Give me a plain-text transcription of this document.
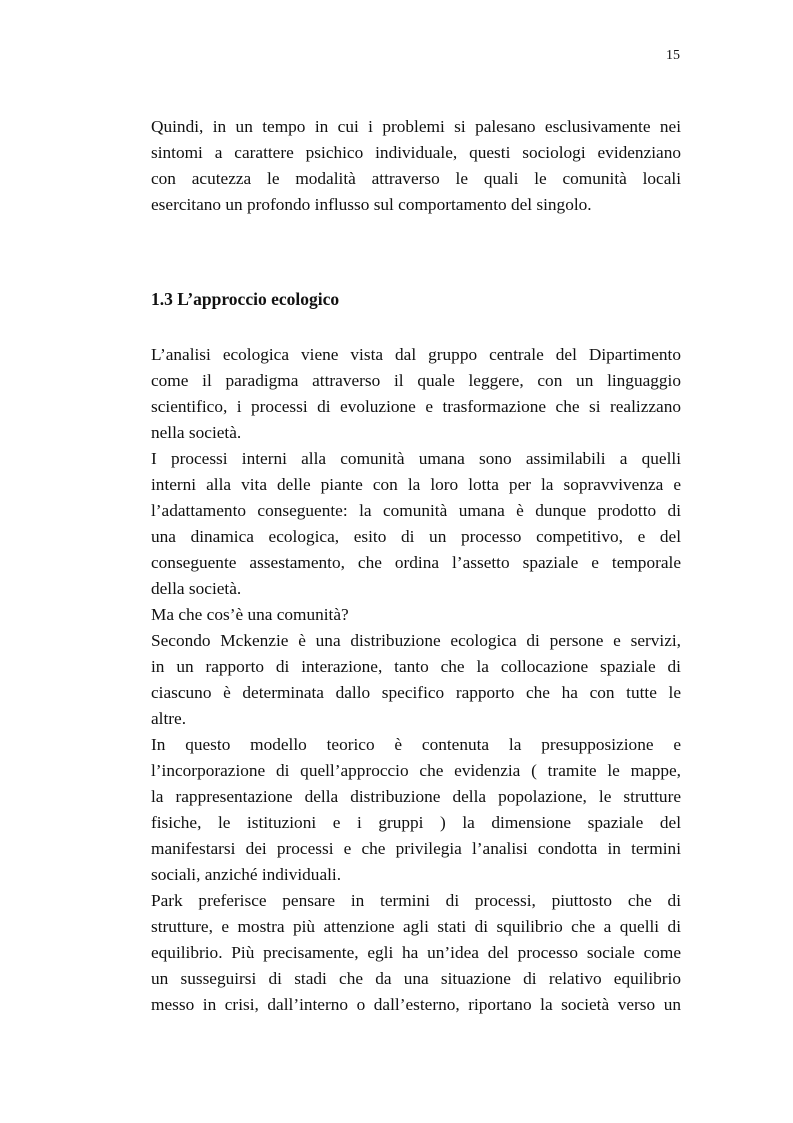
15
Quindi, in un tempo in cui i problemi si palesano esclusivamente nei
sintomi a carattere psichico individuale, questi sociologi evidenziano
con acutezza le modalità attraverso le quali le comunità locali
esercitano un profondo influsso sul comportamento del singolo.
1.3 L’approccio ecologico
L’analisi ecologica viene vista dal gruppo centrale del Dipartimento
come il paradigma attraverso il quale leggere, con un linguaggio
scientifico, i processi di evoluzione e trasformazione che si realizzano
nella società.
I processi interni alla comunità umana sono assimilabili a quelli
interni alla vita delle piante con la loro lotta per la sopravvivenza e
l’adattamento conseguente: la comunità umana è dunque prodotto di
una dinamica ecologica, esito di un processo competitivo, e del
conseguente assestamento, che ordina l’assetto spaziale e temporale
della società.
Ma che cos’è una comunità?
Secondo Mckenzie è una distribuzione ecologica di persone e servizi,
in un rapporto di interazione, tanto che la collocazione spaziale di
ciascuno è determinata dallo specifico rapporto che ha con tutte le
altre.
In questo modello teorico è contenuta la presupposizione e
l’incorporazione di quell’approccio che evidenzia ( tramite le mappe,
la rappresentazione della distribuzione della popolazione, le strutture
fisiche, le istituzioni e i gruppi ) la dimensione spaziale del
manifestarsi dei processi e che privilegia l’analisi condotta in termini
sociali, anziché individuali.
Park preferisce pensare in termini di processi, piuttosto che di
strutture, e mostra più attenzione agli stati di squilibrio che a quelli di
equilibrio. Più precisamente, egli ha un’idea del processo sociale come
un susseguirsi di stadi che da una situazione di relativo equilibrio
messo in crisi, dall’interno o dall’esterno, riportano la società verso un
